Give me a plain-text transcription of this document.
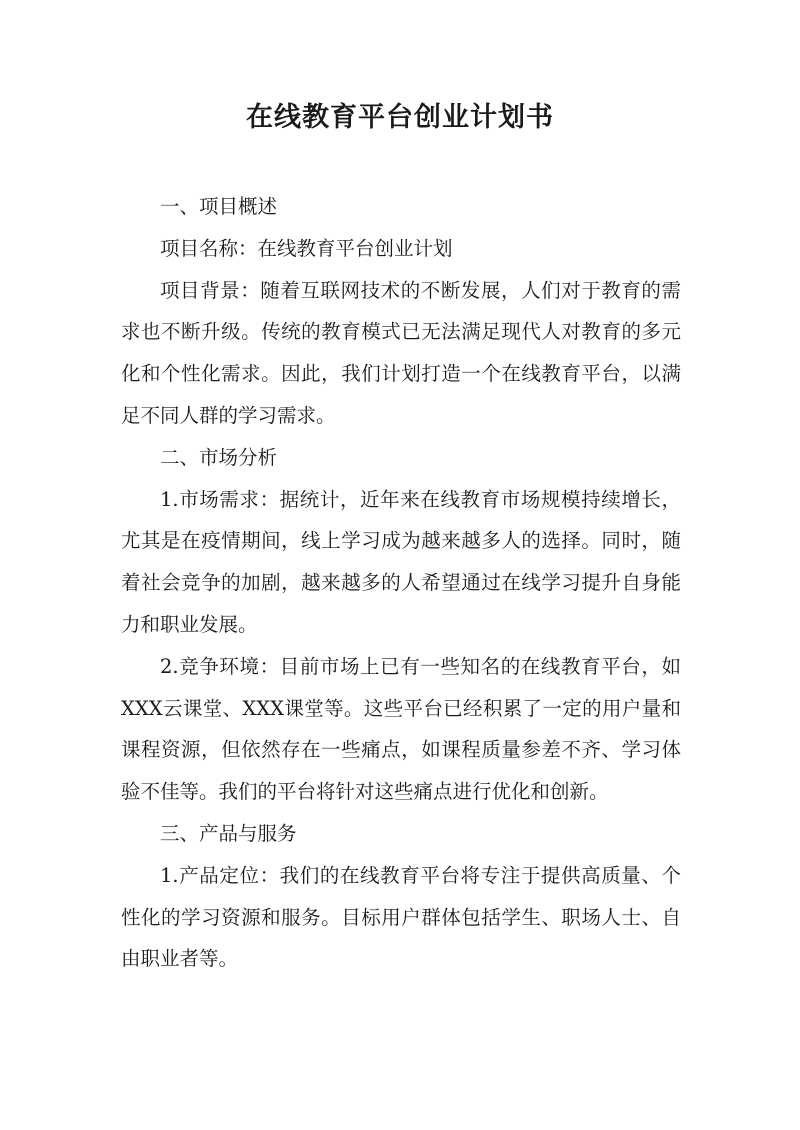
在线教育平台创业计划书

一、项目概述

项目名称：在线教育平台创业计划

项目背景：随着互联网技术的不断发展，人们对于教育的需求也不断升级。传统的教育模式已无法满足现代人对教育的多元化和个性化需求。因此，我们计划打造一个在线教育平台，以满足不同人群的学习需求。

二、市场分析

1.市场需求：据统计，近年来在线教育市场规模持续增长，尤其是在疫情期间，线上学习成为越来越多人的选择。同时，随着社会竞争的加剧，越来越多的人希望通过在线学习提升自身能力和职业发展。

2.竞争环境：目前市场上已有一些知名的在线教育平台，如XXX云课堂、XXX课堂等。这些平台已经积累了一定的用户量和课程资源，但依然存在一些痛点，如课程质量参差不齐、学习体验不佳等。我们的平台将针对这些痛点进行优化和创新。

三、产品与服务

1.产品定位：我们的在线教育平台将专注于提供高质量、个性化的学习资源和服务。目标用户群体包括学生、职场人士、自由职业者等。
